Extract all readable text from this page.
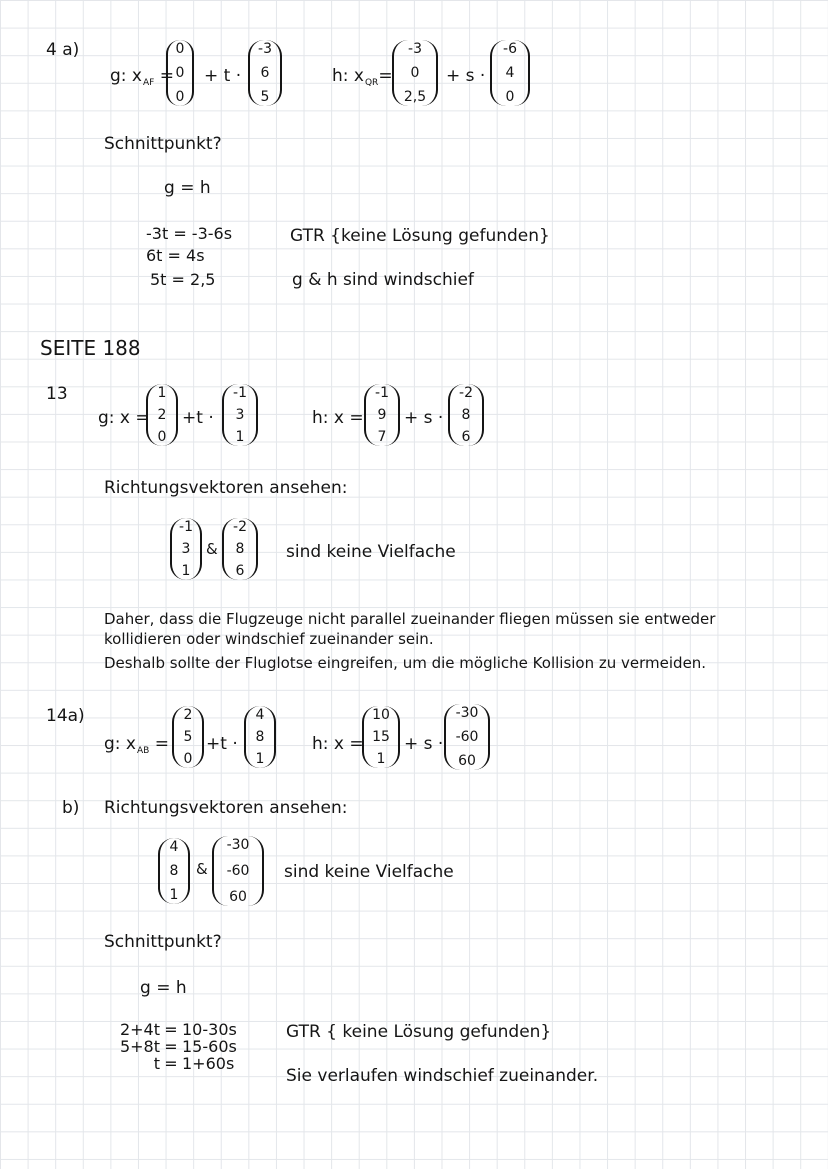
4 a)
g: $x_{AF}$ =
0
0
0
+ t ·
-3
6
5
h: $x_{QR}=$
-3
0
2,5
+ s ·
-6
4
0
Schnittpunkt?
g = h
-3t = -3-6s
6t = 4s
5t = 2,5
GTR {keine Lösung gefunden}
g & h sind windschief
SEITE 188
13
g: x =
1
2
0
+t ·
-1
3
1
h: x =
-1
9
7
+ s ·
-2
8
6
Richtungsvektoren ansehen:
-1
3
1
&
-2
8
6
sind keine Vielfache
Daher, dass die Flugzeuge nicht parallel zueinander fliegen müssen sie entweder
kollidieren oder windschief zueinander sein.
Deshalb sollte der Fluglotse eingreifen, um die mögliche Kollision zu vermeiden.
14a)
g: $x_{AB}$ =
2
5
0
+t ·
4
8
1
h: x =
10
15
1
+ s ·
-30
-60
60
b) Richtungsvektoren ansehen:
4
8
1
&
-30
-60
60
sind keine Vielfache
Schnittpunkt?
g = h
2+4t = 10-30s
5+8t = 15-60s
t = 1+60s
GTR { keine Lösung gefunden}
Sie verlaufen windschief zueinander.
